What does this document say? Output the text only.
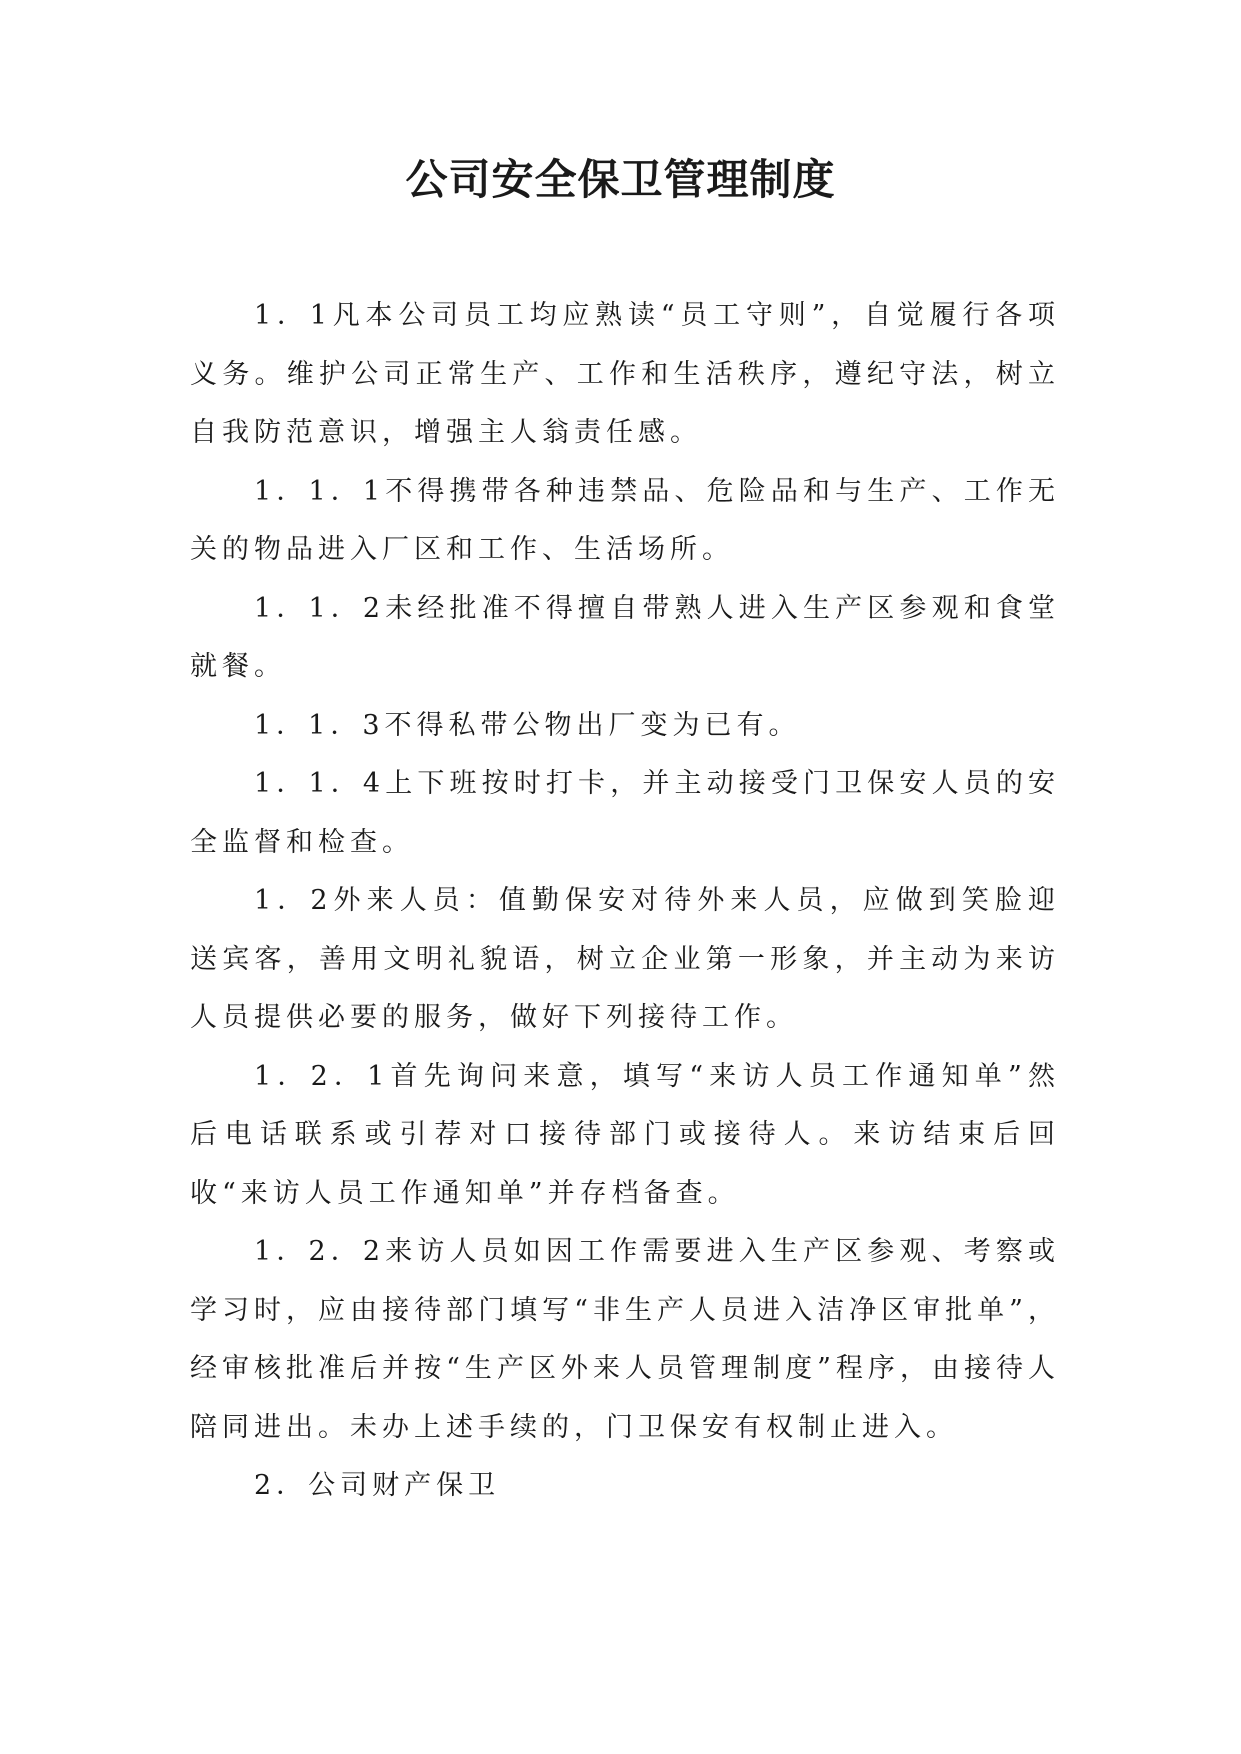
公司安全保卫管理制度

1．1凡本公司员工均应熟读“员工守则”，自觉履行各项义务。维护公司正常生产、工作和生活秩序，遵纪守法，树立自我防范意识，增强主人翁责任感。

1．1．1不得携带各种违禁品、危险品和与生产、工作无关的物品进入厂区和工作、生活场所。

1．1．2未经批准不得擅自带熟人进入生产区参观和食堂就餐。

1．1．3不得私带公物出厂变为已有。

1．1．4上下班按时打卡，并主动接受门卫保安人员的安全监督和检查。

1．2外来人员：值勤保安对待外来人员，应做到笑脸迎送宾客，善用文明礼貌语，树立企业第一形象，并主动为来访人员提供必要的服务，做好下列接待工作。

1．2．1首先询问来意，填写“来访人员工作通知单”然后电话联系或引荐对口接待部门或接待人。来访结束后回收“来访人员工作通知单”并存档备查。

1．2．2来访人员如因工作需要进入生产区参观、考察或学习时，应由接待部门填写“非生产人员进入洁净区审批单”，经审核批准后并按“生产区外来人员管理制度”程序，由接待人陪同进出。未办上述手续的，门卫保安有权制止进入。

2．公司财产保卫
